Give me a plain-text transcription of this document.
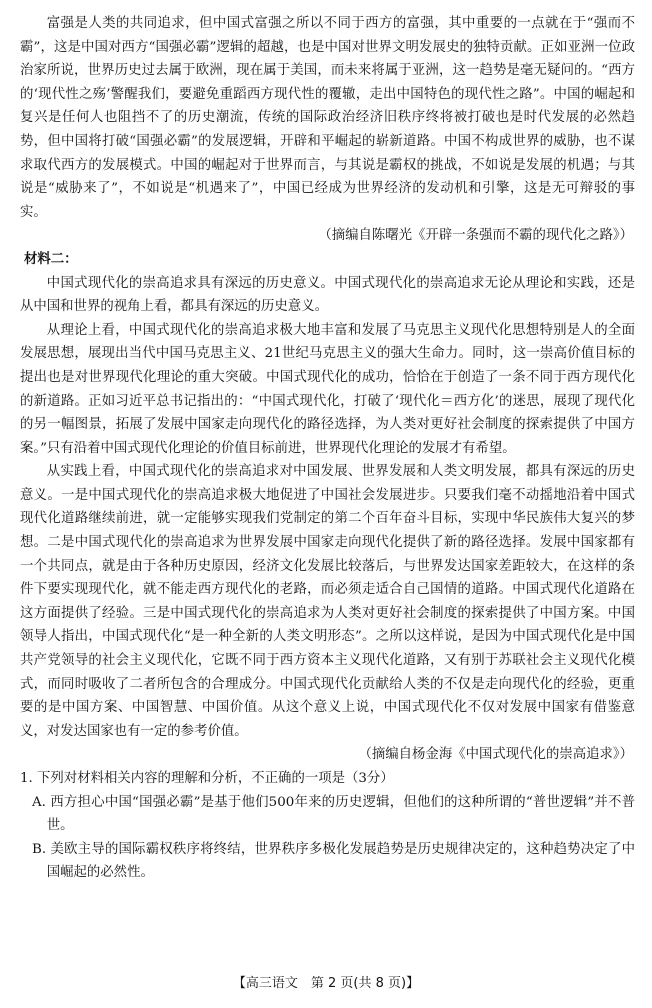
富强是人类的共同追求，但中国式富强之所以不同于西方的富强，其中重要的一点就在于“强而不霸”，这是中国对西方“国强必霸”逻辑的超越，也是中国对世界文明发展史的独特贡献。正如亚洲一位政治家所说，世界历史过去属于欧洲，现在属于美国，而未来将属于亚洲，这一趋势是毫无疑问的。“西方的‘现代性之殇’警醒我们，要避免重蹈西方现代性的覆辙，走出中国特色的现代性之路”。中国的崛起和复兴是任何人也阻挡不了的历史潮流，传统的国际政治经济旧秩序终将被打破也是时代发展的必然趋势，但中国将打破“国强必霸”的发展逻辑，开辟和平崛起的崭新道路。中国不构成世界的威胁，也不谋求取代西方的发展模式。中国的崛起对于世界而言，与其说是霸权的挑战，不如说是发展的机遇；与其说是“威胁来了”，不如说是“机遇来了”，中国已经成为世界经济的发动机和引擎，这是无可辩驳的事实。

（摘编自陈曙光《开辟一条强而不霸的现代化之路》）

材料二：

中国式现代化的崇高追求具有深远的历史意义。中国式现代化的崇高追求无论从理论和实践，还是从中国和世界的视角上看，都具有深远的历史意义。

从理论上看，中国式现代化的崇高追求极大地丰富和发展了马克思主义现代化思想特别是人的全面发展思想，展现出当代中国马克思主义、21世纪马克思主义的强大生命力。同时，这一崇高价值目标的提出也是对世界现代化理论的重大突破。中国式现代化的成功，恰恰在于创造了一条不同于西方现代化的新道路。正如习近平总书记指出的：“中国式现代化，打破了‘现代化＝西方化’的迷思，展现了现代化的另一幅图景，拓展了发展中国家走向现代化的路径选择，为人类对更好社会制度的探索提供了中国方案。”只有沿着中国式现代化理论的价值目标前进，世界现代化理论的发展才有希望。

从实践上看，中国式现代化的崇高追求对中国发展、世界发展和人类文明发展，都具有深远的历史意义。一是中国式现代化的崇高追求极大地促进了中国社会发展进步。只要我们毫不动摇地沿着中国式现代化道路继续前进，就一定能够实现我们党制定的第二个百年奋斗目标，实现中华民族伟大复兴的梦想。二是中国式现代化的崇高追求为世界发展中国家走向现代化提供了新的路径选择。发展中国家都有一个共同点，就是由于各种历史原因，经济文化发展比较落后，与世界发达国家差距较大，在这样的条件下要实现现代化，就不能走西方现代化的老路，而必须走适合自己国情的道路。中国式现代化道路在这方面提供了经验。三是中国式现代化的崇高追求为人类对更好社会制度的探索提供了中国方案。中国领导人指出，中国式现代化“是一种全新的人类文明形态”。之所以这样说，是因为中国式现代化是中国共产党领导的社会主义现代化，它既不同于西方资本主义现代化道路，又有别于苏联社会主义现代化模式，而同时吸收了二者所包含的合理成分。中国式现代化贡献给人类的不仅是走向现代化的经验，更重要的是中国方案、中国智慧、中国价值。从这个意义上说，中国式现代化不仅对发展中国家有借鉴意义，对发达国家也有一定的参考价值。

（摘编自杨金海《中国式现代化的崇高追求》）

1. 下列对材料相关内容的理解和分析，不正确的一项是（3分）

A. 西方担心中国“国强必霸”是基于他们500年来的历史逻辑，但他们的这种所谓的“普世逻辑”并不普世。

B. 美欧主导的国际霸权秩序将终结，世界秩序多极化发展趋势是历史规律决定的，这种趋势决定了中国崛起的必然性。

【高三语文　第 2 页(共 8 页)】
